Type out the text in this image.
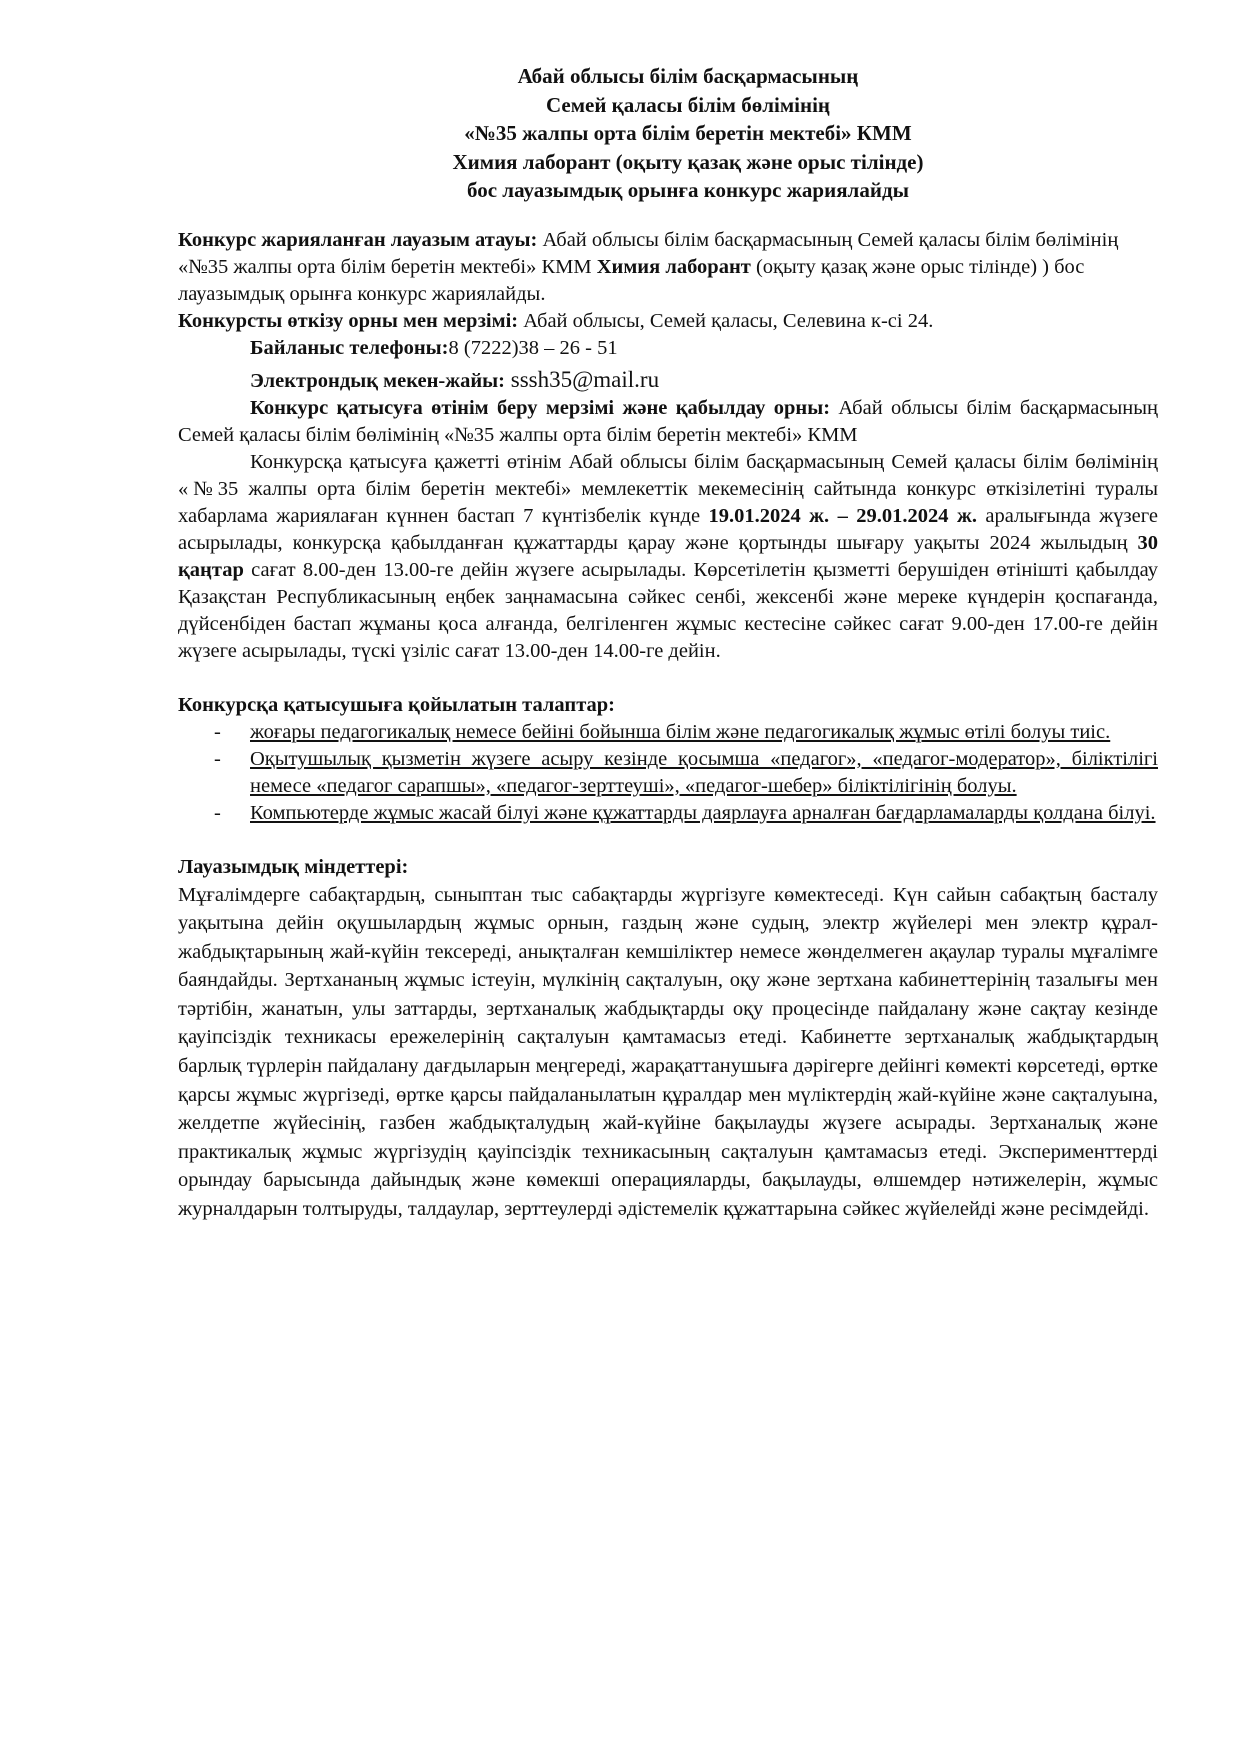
Абай облысы білім басқармасының
Семей қаласы білім бөлімінің
«№35 жалпы орта білім беретін мектебі» КММ
Химия лаборант (оқыту қазақ және орыс тілінде)
бос лауазымдық орынға конкурс жариялайды

Конкурс жарияланған лауазым атауы: Абай облысы білім басқармасының Семей қаласы білім бөлімінің «№35 жалпы орта білім беретін мектебі» КММ Химия лаборант (оқыту қазақ және орыс тілінде) ) бос лауазымдық орынға конкурс жариялайды.

Конкурсты өткізу орны мен мерзімі: Абай облысы, Семей қаласы, Селевина к-сі 24.

Байланыс телефоны:8 (7222)38 – 26 - 51

Электрондық мекен-жайы: sssh35@mail.ru

Конкурс қатысуға өтінім беру мерзімі және қабылдау орны: Абай облысы білім басқармасының Семей қаласы білім бөлімінің «№35 жалпы орта білім беретін мектебі» КММ

Конкурсқа қатысуға қажетті өтінім Абай облысы білім басқармасының Семей қаласы білім бөлімінің «№35 жалпы орта білім беретін мектебі» мемлекеттік мекемесінің сайтында конкурс өткізілетіні туралы хабарлама жариялаған күннен бастап 7 күнтізбелік күнде 19.01.2024 ж. – 29.01.2024 ж. аралығында жүзеге асырылады, конкурсқа қабылданған құжаттарды қарау және қортынды шығару уақыты 2024 жылыдың 30 қаңтар сағат 8.00-ден 13.00-ге дейін жүзеге асырылады. Көрсетілетін қызметті берушіден өтінішті қабылдау Қазақстан Республикасының еңбек заңнамасына сәйкес сенбі, жексенбі және мереке күндерін қоспағанда, дүйсенбіден бастап жұманы қоса алғанда, белгіленген жұмыс кестесіне сәйкес сағат 9.00-ден 17.00-ге дейін жүзеге асырылады, түскі үзіліс сағат 13.00-ден 14.00-ге дейін.

Конкурсқа қатысушыға қойылатын талаптар:

- жоғары педагогикалық немесе бейіні бойынша білім және педагогикалық жұмыс өтілі болуы тиіс.
- Оқытушылық қызметін жүзеге асыру кезінде қосымша «педагог», «педагог-модератор», біліктілігі немесе «педагог сарапшы», «педагог-зерттеуші», «педагог-шебер» біліктілігінің болуы.
- Компьютерде жұмыс жасай білуі және құжаттарды даярлауға арналған бағдарламаларды қолдана білуі.

Лауазымдық міндеттері:

Мұғалімдерге сабақтардың, сыныптан тыс сабақтарды жүргізуге көмектеседі. Күн сайын сабақтың басталу уақытына дейін оқушылардың жұмыс орнын, газдың және судың, электр жүйелері мен электр құрал-жабдықтарының жай-күйін тексереді, анықталған кемшіліктер немесе жөнделмеген ақаулар туралы мұғалімге баяндайды. Зертхананың жұмыс істеуін, мүлкінің сақталуын, оқу және зертхана кабинеттерінің тазалығы мен тәртібін, жанатын, улы заттарды, зертханалық жабдықтарды оқу процесінде пайдалану және сақтау кезінде қауіпсіздік техникасы ережелерінің сақталуын қамтамасыз етеді. Кабинетте зертханалық жабдықтардың барлық түрлерін пайдалану дағдыларын меңгереді, жарақаттанушыға дәрігерге дейінгі көмекті көрсетеді, өртке қарсы жұмыс жүргізеді, өртке қарсы пайдаланылатын құралдар мен мүліктердің жай-күйіне және сақталуына, желдетпе жүйесінің, газбен жабдықталудың жай-күйіне бақылауды жүзеге асырады. Зертханалық және практикалық жұмыс жүргізудің қауіпсіздік техникасының сақталуын қамтамасыз етеді. Эксперименттерді орындау барысында дайындық және көмекші операцияларды, бақылауды, өлшемдер нәтижелерін, жұмыс журналдарын толтыруды, талдаулар, зерттеулерді әдістемелік құжаттарына сәйкес жүйелейді және ресімдейді.
